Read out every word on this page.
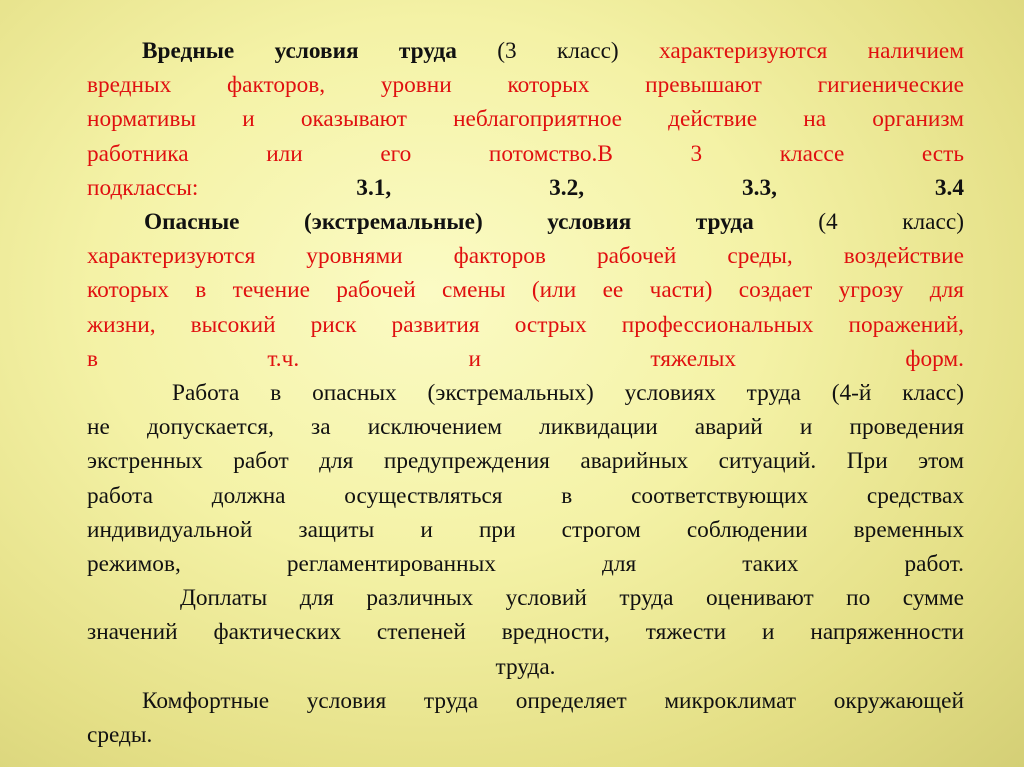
Вредные условия труда (3 класс) характеризуются наличием
вредных факторов, уровни которых превышают гигиенические
нормативы и оказывают неблагоприятное действие на организм
работника	или	его	потомство.В	3	классе	есть
подклассы:	3.1,	3.2,	3.3,	3.4
Опасные	(экстремальные)	условия	труда	(4	класс)
характеризуются уровнями факторов рабочей среды, воздействие
которых в течение рабочей смены (или ее части) создает угрозу для
жизни, высокий риск развития острых профессиональных поражений,
в	т.ч.	и	тяжелых	форм.
Работа в опасных (экстремальных) условиях труда (4-й класс)
не допускается, за исключением ликвидации аварий и проведения
экстренных работ для предупреждения аварийных ситуаций. При этом
работа должна осуществляться в соответствующих средствах
индивидуальной защиты и при строгом соблюдении временных
режимов,	регламентированных	для	таких	работ.
Доплаты для различных условий труда оценивают по сумме
значений фактических степеней вредности, тяжести и напряженности
труда.
Комфортные условия труда определяет микроклимат окружающей
среды.
